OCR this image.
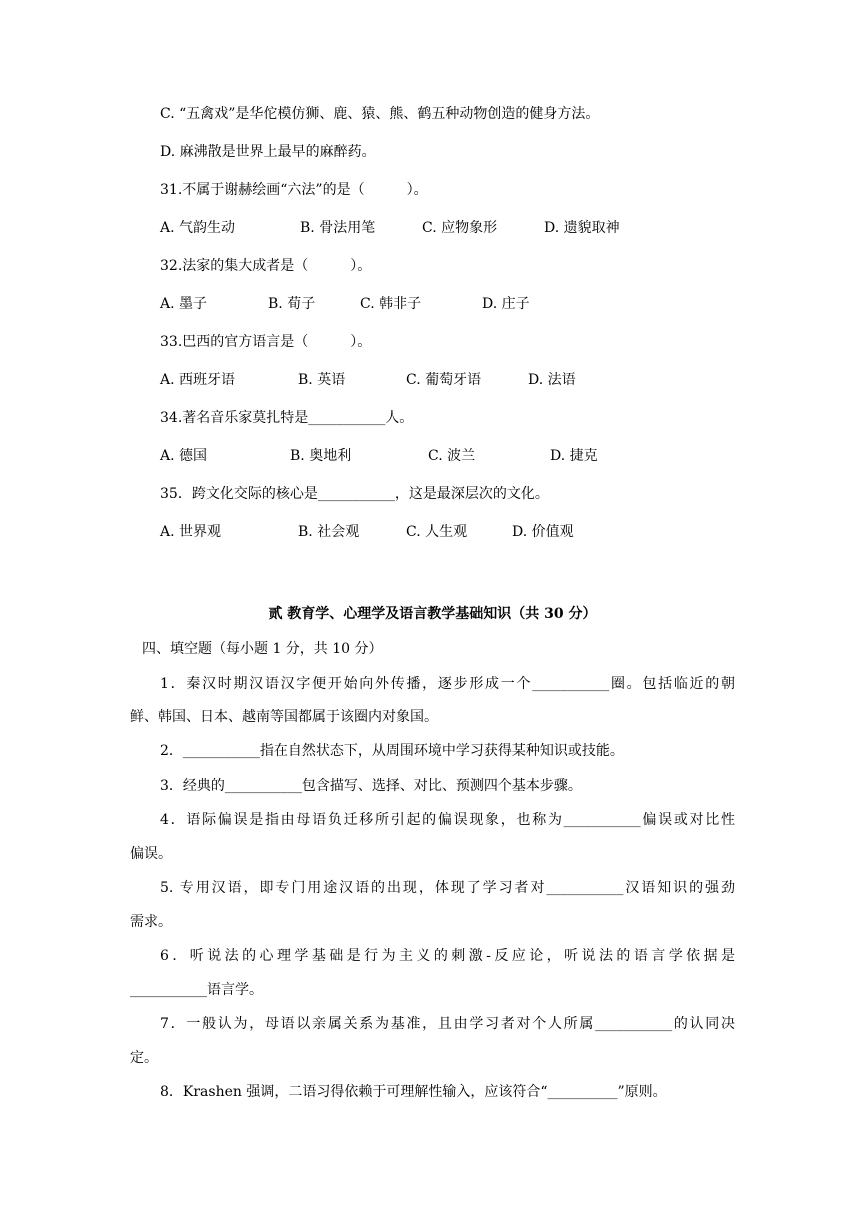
C. “五禽戏”是华佗模仿狮、鹿、猿、熊、鹤五种动物创造的健身方法。
D. 麻沸散是世界上最早的麻醉药。
31.不属于谢赫绘画“六法”的是（　　　）。
A. 气韵生动	B. 骨法用笔	C. 应物象形	D. 遗貌取神
32.法家的集大成者是（　　　）。
A. 墨子	B. 荀子	C. 韩非子	D. 庄子
33.巴西的官方语言是（　　　）。
A. 西班牙语	B. 英语	C. 葡萄牙语	D. 法语
34.著名音乐家莫扎特是___________人。
A. 德国	B. 奥地利	C. 波兰	D. 捷克
35．跨文化交际的核心是___________，这是最深层次的文化。
A. 世界观	B. 社会观	C. 人生观	D. 价值观
贰 教育学、心理学及语言教学基础知识（共 30 分）
四、填空题（每小题 1 分，共 10 分）
1．秦汉时期汉语汉字便开始向外传播，逐步形成一个___________圈。包括临近的朝
鲜、韩国、日本、越南等国都属于该圈内对象国。
2．___________指在自然状态下，从周围环境中学习获得某种知识或技能。
3．经典的___________包含描写、选择、对比、预测四个基本步骤。
4．语际偏误是指由母语负迁移所引起的偏误现象，也称为___________偏误或对比性
偏误。
5. 专用汉语，即专门用途汉语的出现，体现了学习者对___________汉语知识的强劲
需求。
6．听说法的心理学基础是行为主义的刺激-反应论，听说法的语言学依据是
___________语言学。
7．一般认为，母语以亲属关系为基准，且由学习者对个人所属___________的认同决
定。
8．Krashen 强调，二语习得依赖于可理解性输入，应该符合“__________”原则。
